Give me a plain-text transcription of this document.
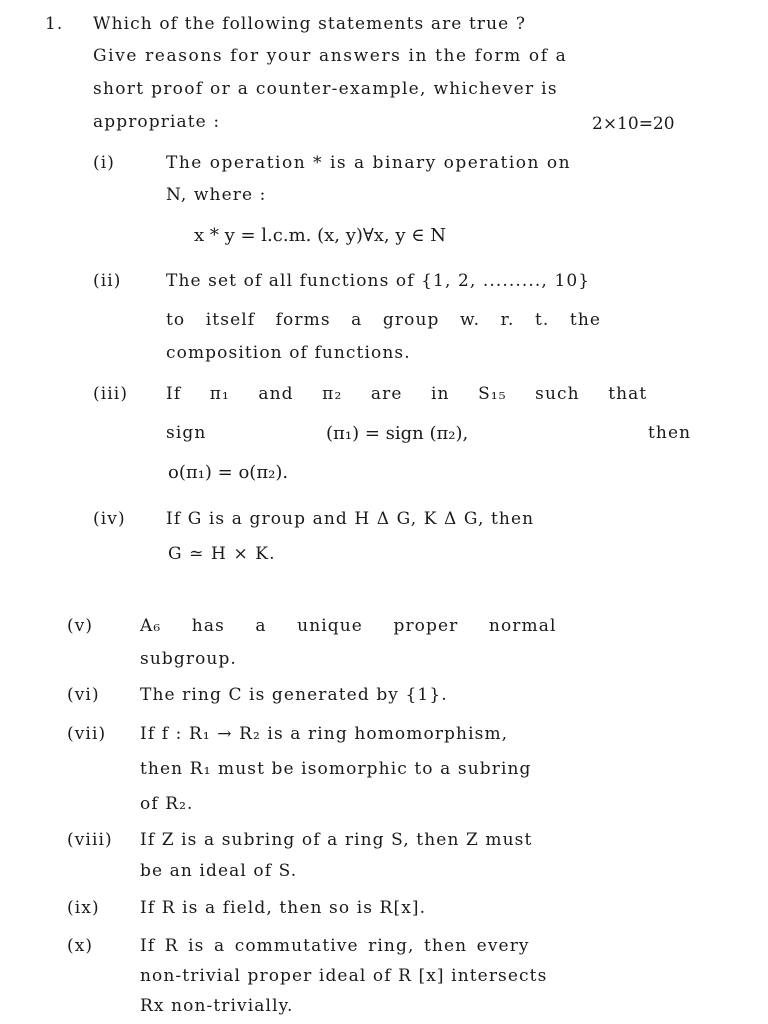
1. Which of the following statements are true ?
Give reasons for your answers in the form of a
short proof or a counter-example, whichever is
appropriate :	2×10=20
(i)	The operation * is a binary operation on
N, where :
x * y = l.c.m. (x, y)∀x, y ∈ N
(ii)	The set of all functions of {1, 2, ........., 10}
to itself forms a group w. r. t. the
composition of functions.
(iii) If π₁ and π₂ are in S₁₅ such that
sign	(π₁) = sign (π₂),	then
o(π₁) = o(π₂).
(iv) If G is a group and H Δ G, K Δ G, then
G ≃ H × K.
(v)	A₆ has a unique proper normal
subgroup.
(vi) The ring C is generated by {1}.
(vii) If f : R₁ → R₂ is a ring homomorphism,
then R₁ must be isomorphic to a subring
of R₂.
(viii) If Z is a subring of a ring S, then Z must
be an ideal of S.
(ix) If R is a field, then so is R[x].
(x)	If R is a commutative ring, then every
non-trivial proper ideal of R [x] intersects
Rx non-trivially.
